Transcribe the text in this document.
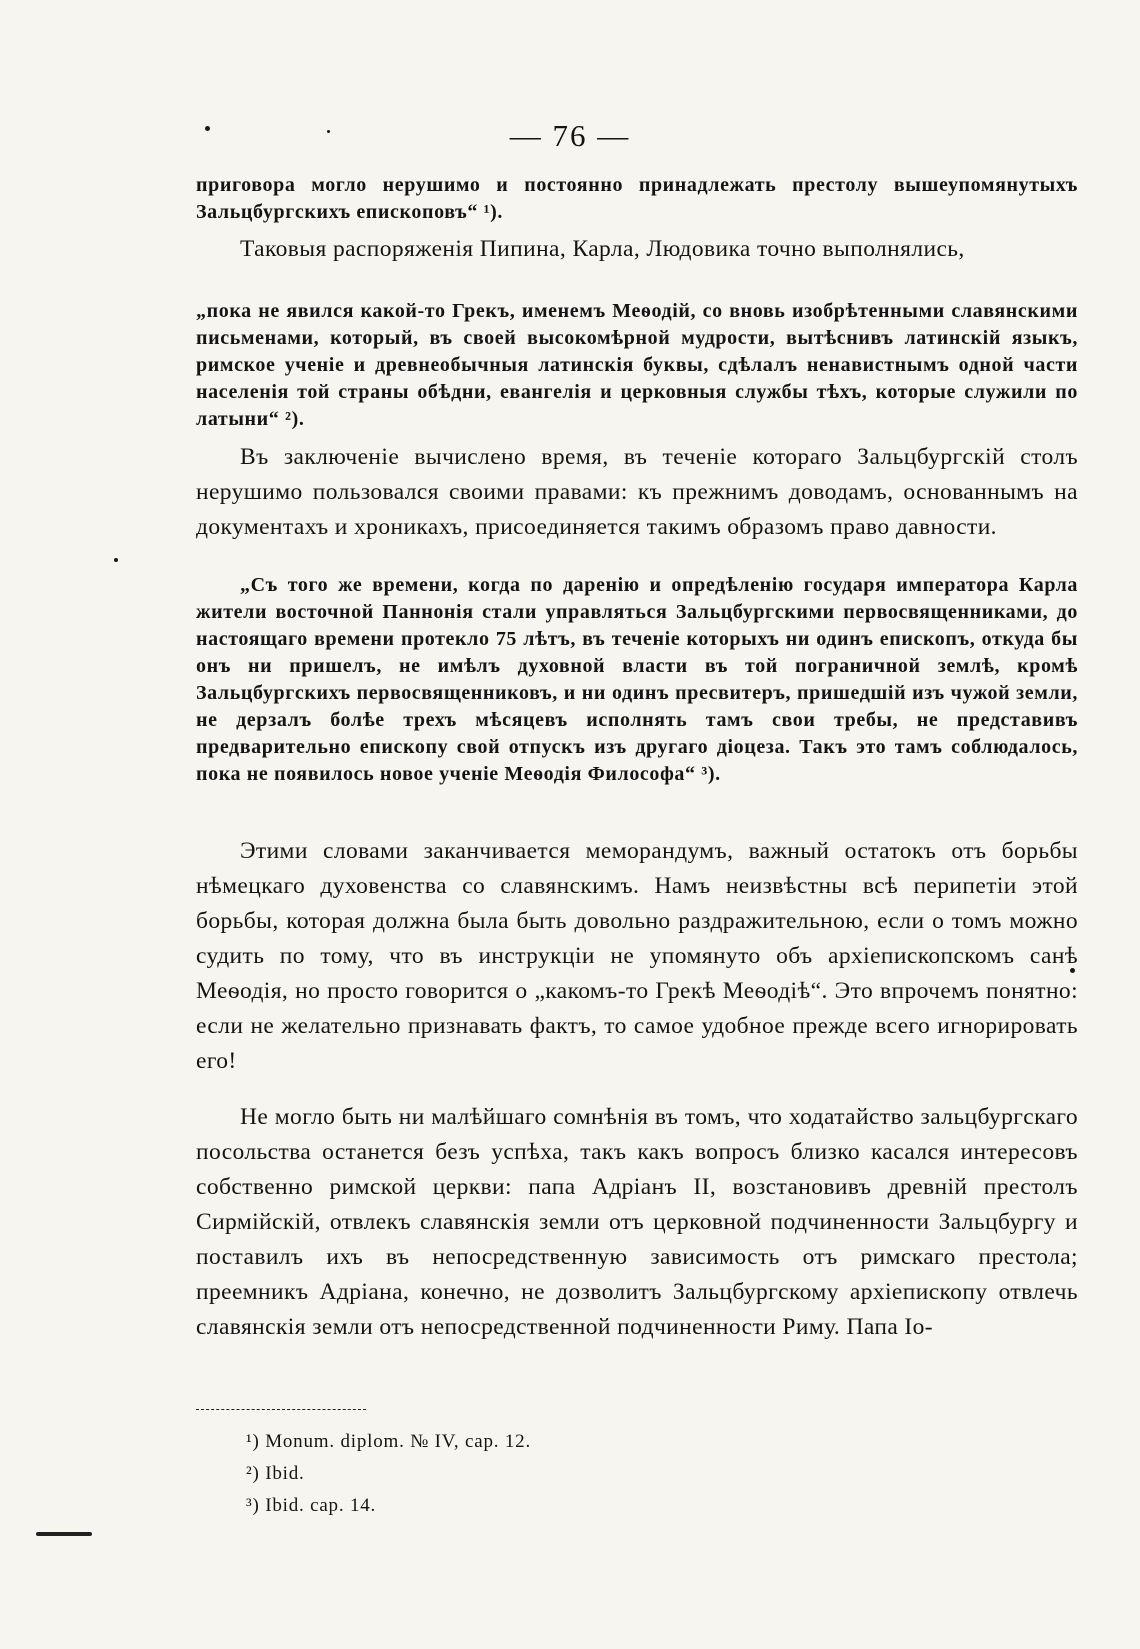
— 76 —

приговора могло нерушимо и постоянно принадлежать престолу вышеупомянутыхъ Зальцбургскихъ епископовъ“ ¹).

Таковыя распоряженія Пипина, Карла, Людовика точно выполнялись,

„пока не явился какой-то Грекъ, именемъ Меѳодій, со вновь изобрѣтенными славянскими письменами, который, въ своей высокомѣрной мудрости, вытѣснивъ латинскій языкъ, римское ученіе и древнеобычныя латинскія буквы, сдѣлалъ ненавистнымъ одной части населенія той страны обѣдни, евангелія и церковныя службы тѣхъ, которые служили по латыни“ ²).

Въ заключеніе вычислено время, въ теченіе котораго Зальцбургскій столъ нерушимо пользовался своими правами: къ прежнимъ доводамъ, основаннымъ на документахъ и хроникахъ, присоединяется такимъ образомъ право давности.

„Съ того же времени, когда по даренію и опредѣленію государя императора Карла жители восточной Паннонія стали управляться Зальцбургскими первосвященниками, до настоящаго времени протекло 75 лѣтъ, въ теченіе которыхъ ни одинъ епископъ, откуда бы онъ ни пришелъ, не имѣлъ духовной власти въ той пограничной землѣ, кромѣ Зальцбургскихъ первосвященниковъ, и ни одинъ пресвитеръ, пришедшій изъ чужой земли, не дерзалъ болѣе трехъ мѣсяцевъ исполнять тамъ свои требы, не представивъ предварительно епископу свой отпускъ изъ другаго діоцеза. Такъ это тамъ соблюдалось, пока не появилось новое ученіе Меѳодія Философа“ ³).

Этими словами заканчивается меморандумъ, важный остатокъ отъ борьбы нѣмецкаго духовенства со славянскимъ. Намъ неизвѣстны всѣ перипетіи этой борьбы, которая должна была быть довольно раздражительною, если о томъ можно судить по тому, что въ инструкціи не упомянуто объ архіепископскомъ санѣ Меѳодія, но просто говорится о „какомъ-то Грекѣ Меѳодіѣ“. Это впрочемъ понятно: если не желательно признавать фактъ, то самое удобное прежде всего игнорировать его!

Не могло быть ни малѣйшаго сомнѣнія въ томъ, что ходатайство зальцбургскаго посольства останется безъ успѣха, такъ какъ вопросъ близко касался интересовъ собственно римской церкви: папа Адріанъ II, возстановивъ древній престолъ Сирмійскій, отвлекъ славянскія земли отъ церковной подчиненности Зальцбургу и поставилъ ихъ въ непосредственную зависимость отъ римскаго престола; преемникъ Адріана, конечно, не дозволитъ Зальцбургскому архіепископу отвлечь славянскія земли отъ непосредственной подчиненности Риму. Папа Іо-

¹) Monum. diplom. № IV, cap. 12.
²) Ibid.
³) Ibid. cap. 14.
